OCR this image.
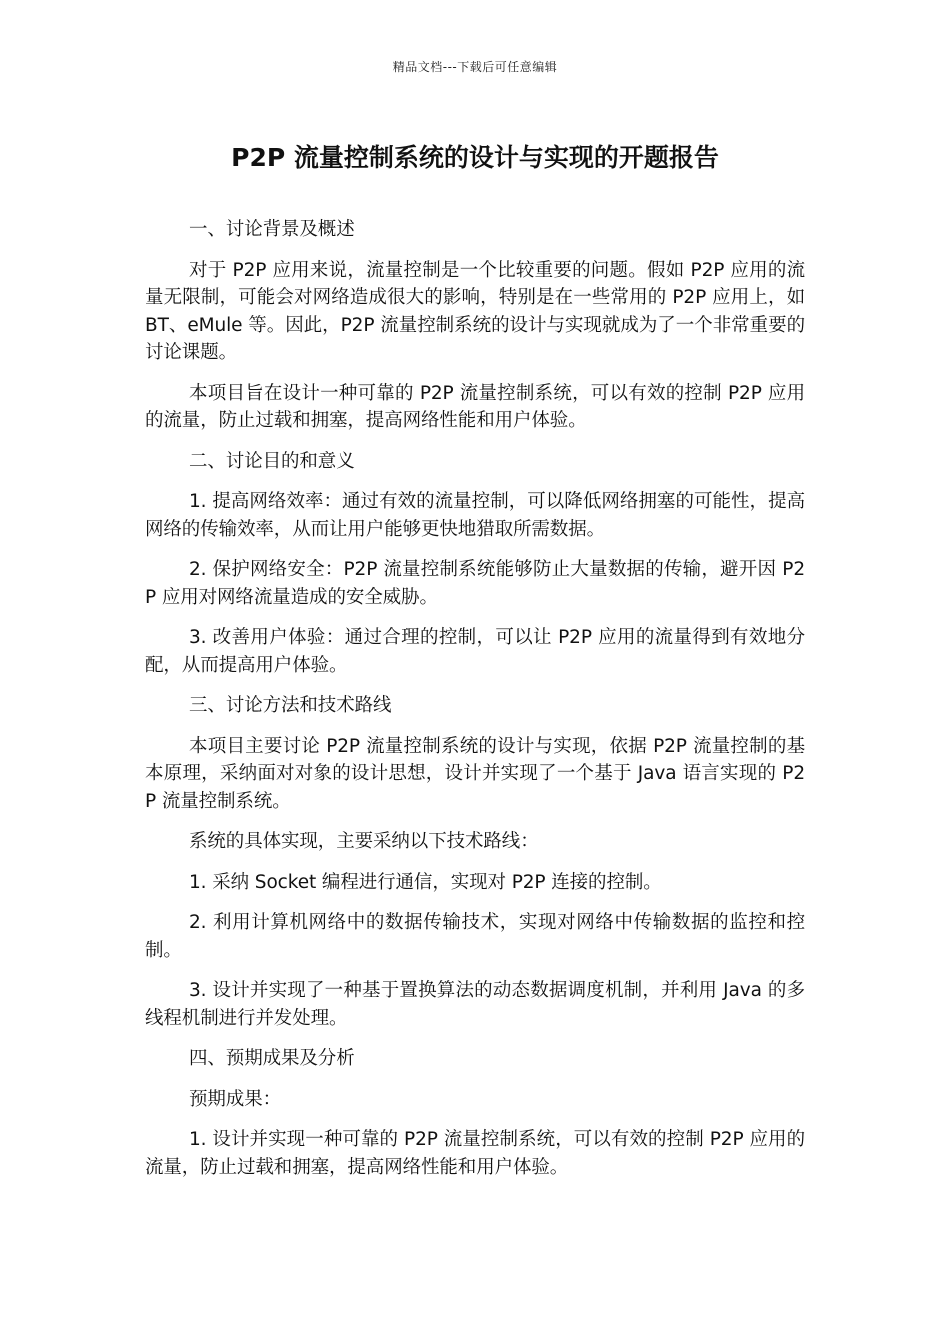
精品文档---下载后可任意编辑
P2P 流量控制系统的设计与实现的开题报告

一、讨论背景及概述

对于 P2P 应用来说，流量控制是一个比较重要的问题。假如 P2P 应用的流量无限制，可能会对网络造成很大的影响，特别是在一些常用的 P2P 应用上，如 BT、eMule 等。因此，P2P 流量控制系统的设计与实现就成为了一个非常重要的讨论课题。

本项目旨在设计一种可靠的 P2P 流量控制系统，可以有效的控制 P2P 应用的流量，防止过载和拥塞，提高网络性能和用户体验。

二、讨论目的和意义

1. 提高网络效率：通过有效的流量控制，可以降低网络拥塞的可能性，提高网络的传输效率，从而让用户能够更快地猎取所需数据。

2. 保护网络安全：P2P 流量控制系统能够防止大量数据的传输，避开因 P2P 应用对网络流量造成的安全威胁。

3. 改善用户体验：通过合理的控制，可以让 P2P 应用的流量得到有效地分配，从而提高用户体验。

三、讨论方法和技术路线

本项目主要讨论 P2P 流量控制系统的设计与实现，依据 P2P 流量控制的基本原理，采纳面对对象的设计思想，设计并实现了一个基于 Java 语言实现的 P2P 流量控制系统。

系统的具体实现，主要采纳以下技术路线：

1. 采纳 Socket 编程进行通信，实现对 P2P 连接的控制。

2. 利用计算机网络中的数据传输技术，实现对网络中传输数据的监控和控制。

3. 设计并实现了一种基于置换算法的动态数据调度机制，并利用 Java 的多线程机制进行并发处理。

四、预期成果及分析

预期成果：

1. 设计并实现一种可靠的 P2P 流量控制系统，可以有效的控制 P2P 应用的流量，防止过载和拥塞，提高网络性能和用户体验。
